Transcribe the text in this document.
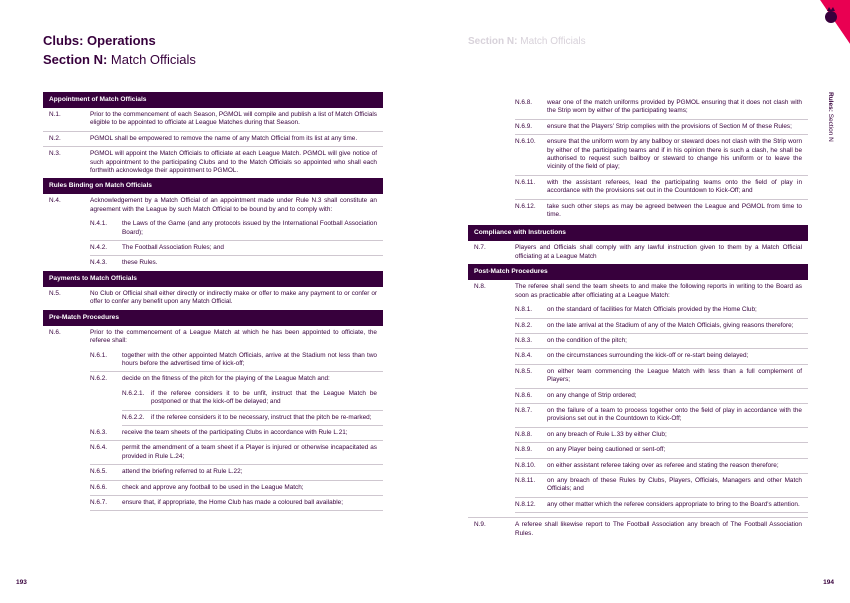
Clubs: Operations
Section N: Match Officials
Section N: Match Officials
Rules: Section N
Appointment of Match Officials
N.1.	Prior to the commencement of each Season, PGMOL will compile and publish a list of Match Officials eligible to be appointed to officiate at League Matches during that Season.
N.2.	PGMOL shall be empowered to remove the name of any Match Official from its list at any time.
N.3.	PGMOL will appoint the Match Officials to officiate at each League Match. PGMOL will give notice of such appointment to the participating Clubs and to the Match Officials so appointed who shall each forthwith acknowledge their appointment to PGMOL.
Rules Binding on Match Officials
N.4.	Acknowledgement by a Match Official of an appointment made under Rule N.3 shall constitute an agreement with the League by such Match Official to be bound by and to comply with:
N.4.1. the Laws of the Game (and any protocols issued by the International Football Association Board);
N.4.2. The Football Association Rules; and
N.4.3. these Rules.
Payments to Match Officials
N.5.	No Club or Official shall either directly or indirectly make or offer to make any payment to or confer or offer to confer any benefit upon any Match Official.
Pre-Match Procedures
N.6.	Prior to the commencement of a League Match at which he has been appointed to officiate, the referee shall:
N.6.1. together with the other appointed Match Officials, arrive at the Stadium not less than two hours before the advertised time of kick-off;
N.6.2. decide on the fitness of the pitch for the playing of the League Match and:
N.6.2.1. if the referee considers it to be unfit, instruct that the League Match be postponed or that the kick-off be delayed; and
N.6.2.2. if the referee considers it to be necessary, instruct that the pitch be re-marked;
N.6.3. receive the team sheets of the participating Clubs in accordance with Rule L.21;
N.6.4. permit the amendment of a team sheet if a Player is injured or otherwise incapacitated as provided in Rule L.24;
N.6.5. attend the briefing referred to at Rule L.22;
N.6.6. check and approve any football to be used in the League Match;
N.6.7. ensure that, if appropriate, the Home Club has made a coloured ball available;
N.6.8. wear one of the match uniforms provided by PGMOL ensuring that it does not clash with the Strip worn by either of the participating teams;
N.6.9. ensure that the Players' Strip complies with the provisions of Section M of these Rules;
N.6.10. ensure that the uniform worn by any ballboy or steward does not clash with the Strip worn by either of the participating teams and if in his opinion there is such a clash, he shall be authorised to request such ballboy or steward to change his uniform or to leave the vicinity of the field of play;
N.6.11. with the assistant referees, lead the participating teams onto the field of play in accordance with the provisions set out in the Countdown to Kick-Off; and
N.6.12. take such other steps as may be agreed between the League and PGMOL from time to time.
Compliance with Instructions
N.7.	Players and Officials shall comply with any lawful instruction given to them by a Match Official officiating at a League Match
Post-Match Procedures
N.8.	The referee shall send the team sheets to and make the following reports in writing to the Board as soon as practicable after officiating at a League Match:
N.8.1. on the standard of facilities for Match Officials provided by the Home Club;
N.8.2. on the late arrival at the Stadium of any of the Match Officials, giving reasons therefore;
N.8.3. on the condition of the pitch;
N.8.4. on the circumstances surrounding the kick-off or re-start being delayed;
N.8.5. on either team commencing the League Match with less than a full complement of Players;
N.8.6. on any change of Strip ordered;
N.8.7. on the failure of a team to process together onto the field of play in accordance with the provisions set out in the Countdown to Kick-Off;
N.8.8. on any breach of Rule L.33 by either Club;
N.8.9. on any Player being cautioned or sent-off;
N.8.10. on either assistant referee taking over as referee and stating the reason therefore;
N.8.11. on any breach of these Rules by Clubs, Players, Officials, Managers and other Match Officials; and
N.8.12. any other matter which the referee considers appropriate to bring to the Board's attention.
N.9.	A referee shall likewise report to The Football Association any breach of The Football Association Rules.
193	194
